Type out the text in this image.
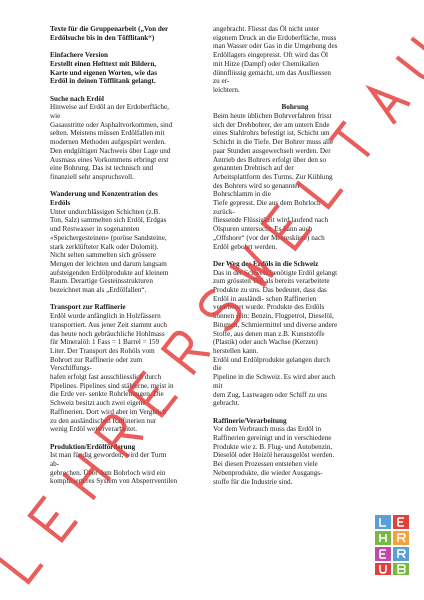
Texte für die Gruppenarbeit („Von der
Erdölsuche bis in den Töfflitank“)
Einfachere Version
Erstellt einen Hefttext mit Bildern,
Karte und eigenen Worten, wie das
Erdöl in deinen Töfflitank gelangt.
Suche nach Erdöl
Hinweise auf Erdöl an der Erdoberfläche,
wie
Gasaustritte oder Asphaltvorkommen, sind
selten. Meistens müssen Erdölfallen mit
modernen Methoden aufgespürt werden.
Den endgültigen Nachweis über Lage und
Ausmass eines Vorkommens erbringt erst
eine Bohrung. Das ist technisch und
finanziell sehr anspruchsvoll.
Wanderung und Konzentration des
Erdöls
Unter undurchlässigen Schichten (z.B.
Ton, Salz) sammelten sich Erdöl, Erdgas
und Restwasser in sogenannten
«Speichergesteinen» (poröse Sandsteine,
stark zerklüfteter Kalk oder Dolomit).
Nicht selten sammelten sich grössere
Mengen der leichten und darum langsam
aufsteigenden Erdölprodukte auf kleinem
Raum. Derartige Gesteinsstrukturen
bezeichnet man als „Erdölfallen“.
Transport zur Raffinerie
Erdöl wurde anfänglich in Holzfässern
transportiert. Aus jener Zeit stammt auch
das heute noch gebräuchliche Hohlmass
für Mineralöl: 1 Fass = 1 Barrel = 159
Liter. Der Transport des Rohöls vom
Bohrort zur Raffinerie oder zum
Verschiffungs-
hafen erfolgt fast ausschliesslich durch
Pipelines. Pipelines sind stählerne, meist in
die Erde ver- senkte Rohrleitungen. Die
Schweiz besitzt auch zwei eigene
Raffinerien. Dort wird aber im Vergleich
zu den ausländischen Raffinerien nur
wenig Erdöl weiterverarbeitet.
Produktion/Erdölförderung
Ist man fündig geworden, wird der Turm
ab-
gebrochen. Über dem Bohrloch wird ein
komplizierteres System von Absperrventilen
angebracht. Fliesst das Öl nicht unter
eigenem Druck an die Erdoberfläche, muss
man Wasser oder Gas in die Umgebung des
Erdöllagers eingepresst. Oft wird das Öl
mit Hitze (Dampf) oder Chemikalien
dünnflüssig gemacht, um das Ausfliessen
zu er-
leichtern.
Bohrung
Beim heute üblichen Bohrverfahren frisst
sich der Drehbohrer, der am untern Ende
eines Stahlrohrs befestigt ist, Schicht um
Schicht in die Tiefe. Der Bohrer muss alle
paar Stunden ausgewechselt werden. Der
Antrieb des Bohrers erfolgt über den so
genannten Drehtisch auf der
Arbeitsplattform des Turms. Zur Kühlung
des Bohrers wird so genannter
Bohrschlamm in die
Tiefe gepresst. Die aus dem Bohrloch
zurück-
fliessende Flüssigkeit wird laufend nach
Ölspuren untersucht. Es kann auch
„Offshore“ (vor der Meeresküste) nach
Erdöl gebohrt werden.
Der Weg des Erdöls in die Schweiz
Das in der Schweiz benötigte Erdöl gelangt
zum grössten Teil als bereits verarbeitete
Produkte zu uns. Das bedeutet, dass das
Erdöl in ausländi- schen Raffinerien
verarbeitet wurde. Produkte des Erdöls
können sein: Benzin, Flugpetrol, Dieselöl,
Bitumen, Schmiermittel und diverse andere
Stoffe, aus denen man z.B. Kunststoffe
(Plastik) oder auch Wachse (Kerzen)
herstellen kann.
Erdöl und Erdölprodukte gelangen durch
die
Pipeline in die Schweiz. Es wird aber auch
mit
dem Zug, Lastwagen oder Schiff zu uns
gebracht.
Raffinerie/Verarbeitung
Vor dem Verbrauch muss das Erdöl in
Raffinerien gereinigt und in verschiedene
Produkte wie z. B. Flug- und Autobenzin,
Dieselöl oder Heizöl herausgelöst werden.
Bei diesen Prozessen entstehen viele
Nebenprodukte, die wieder Ausgangs-
stoffe für die Industrie sind.
